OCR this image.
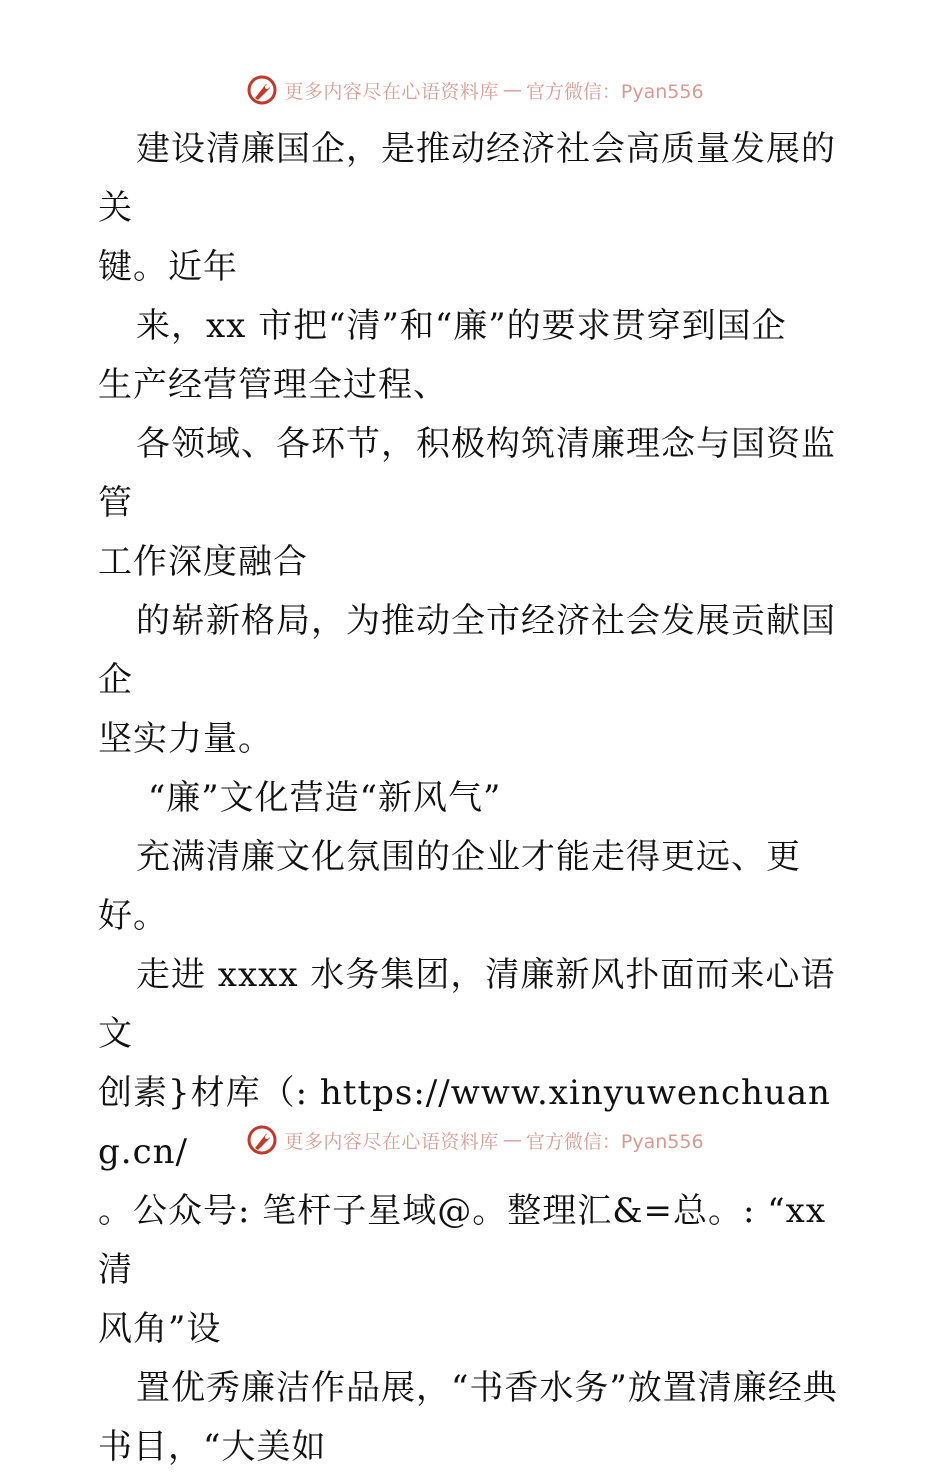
更多内容尽在心语资料库 — 官方微信：Pyan556

建设清廉国企，是推动经济社会高质量发展的关
键。近年

来，xx 市把“清”和“廉”的要求贯穿到国企
生产经营管理全过程、

各领域、各环节，积极构筑清廉理念与国资监管
工作深度融合

的崭新格局，为推动全市经济社会发展贡献国企
坚实力量。

“廉”文化营造“新风气”

充满清廉文化氛围的企业才能走得更远、更好。

走进 xxxx 水务集团，清廉新风扑面而来心语文
创素}材库（: https://www.xinyuwenchuang.cn/
。公众号: 笔杆子星域@。整理汇&=总。: “xx 清
风角”设

置优秀廉洁作品展，“书香水务”放置清廉经典
书目，“大美如

更多内容尽在心语资料库 — 官方微信：Pyan556
